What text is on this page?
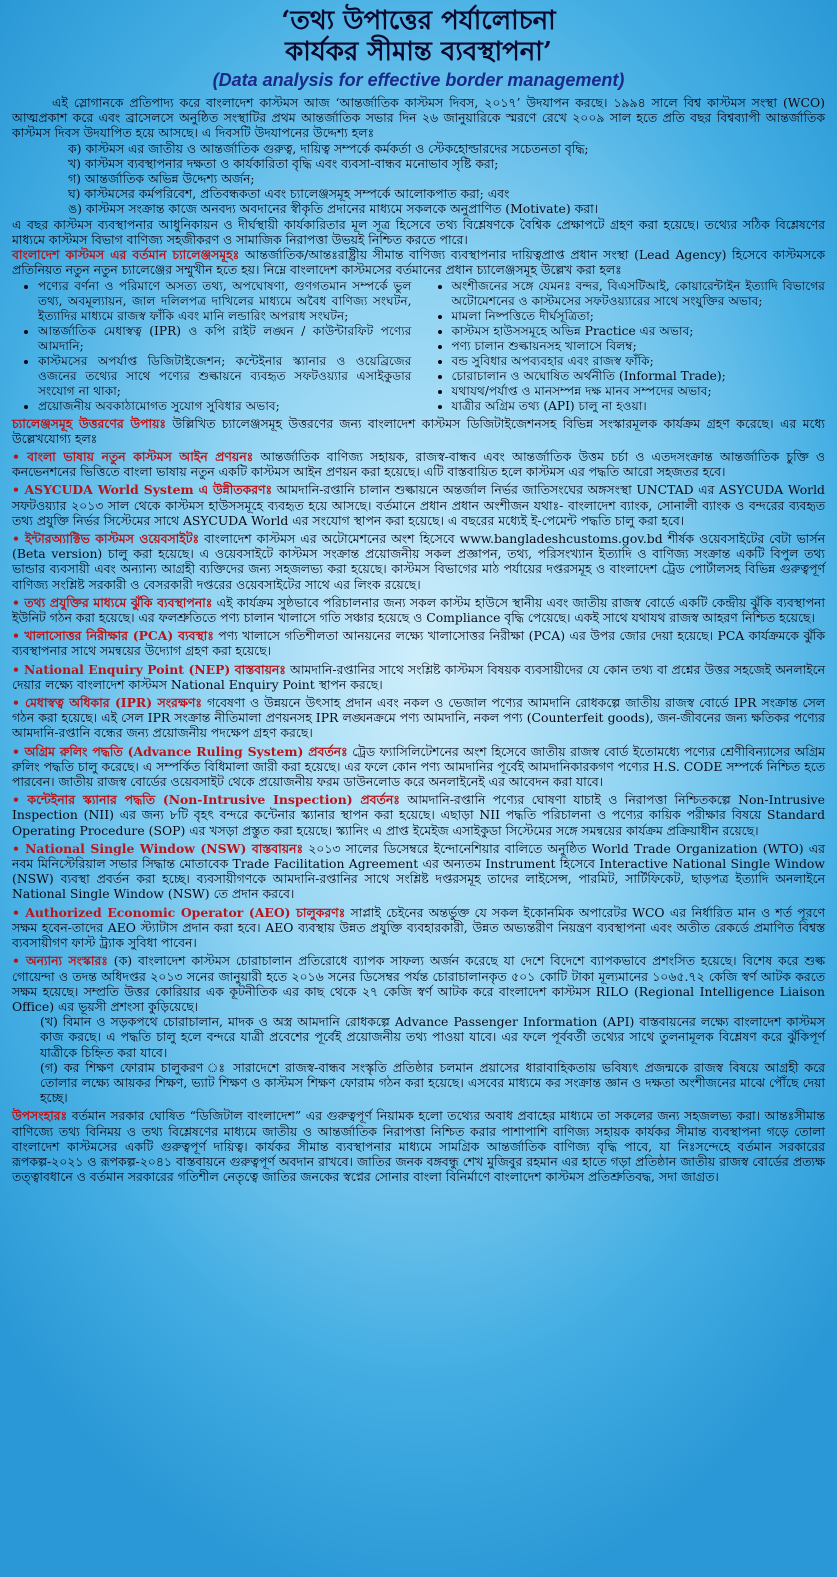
‘তথ্য উপাত্তের পর্যালোচনা
কার্যকর সীমান্ত ব্যবস্থাপনা’
(Data analysis for effective border management)

এই স্লোগানকে প্রতিপাদ্য করে বাংলাদেশ কাস্টমস আজ ‘আন্তর্জাতিক কাস্টমস দিবস, ২০১৭’ উদযাপন করছে। ১৯৯৪ সালে বিশ্ব কাস্টমস সংস্থা (WCO) আত্মপ্রকাশ করে এবং ব্রাসেলসে অনুষ্ঠিত সংস্থাটির প্রথম আন্তর্জাতিক সভার দিন ২৬ জানুয়ারিকে স্মরণে রেখে ২০০৯ সাল হতে প্রতি বছর বিশ্বব্যাপী আন্তর্জাতিক কাস্টমস দিবস উদযাপিত হয়ে আসছে। এ দিবসটি উদযাপনের উদ্দেশ্য হলঃ

ক) কাস্টমস এর জাতীয় ও আন্তর্জাতিক গুরুত্ব, দায়িত্ব সম্পর্কে কর্মকর্তা ও স্টেকহোল্ডারদের সচেতনতা বৃদ্ধি;
খ) কাস্টমস ব্যবস্থাপনার দক্ষতা ও কার্যকারিতা বৃদ্ধি এবং ব্যবসা-বান্ধব মনোভাব সৃষ্টি করা;
গ) আন্তর্জাতিক অভিন্ন উদ্দেশ্য অর্জন;
ঘ) কাস্টমসের কর্মপরিবেশ, প্রতিবন্ধকতা এবং চ্যালেঞ্জসমূহ সম্পর্কে আলোকপাত করা; এবং
ঙ) কাস্টমস সংক্রান্ত কাজে অনবদ্য অবদানের স্বীকৃতি প্রদানের মাধ্যমে সকলকে অনুপ্রাণিত (Motivate) করা।

এ বছর কাস্টমস ব্যবস্থাপনার আধুনিকায়ন ও দীর্ঘস্থায়ী কার্যকারিতার মূল সূত্র হিসেবে তথ্য বিশ্লেষণকে বৈশ্বিক প্রেক্ষাপটে গ্রহণ করা হয়েছে। তথ্যের সঠিক বিশ্লেষণের মাধ্যমে কাস্টমস বিভাগ বাণিজ্য সহজীকরণ ও সামাজিক নিরাপত্তা উভয়ই নিশ্চিত করতে পারে।

বাংলাদেশ কাস্টমস এর বর্তমান চ্যালেঞ্জসমূহঃ আন্তর্জাতিক/আন্তঃরাষ্ট্রীয় সীমান্ত বাণিজ্য ব্যবস্থাপনার দায়িত্বপ্রাপ্ত প্রধান সংস্থা (Lead Agency) হিসেবে কাস্টমসকে প্রতিনিয়ত নতুন নতুন চ্যালেঞ্জের সম্মুখীন হতে হয়। নিম্নে বাংলাদেশ কাস্টমসের বর্তমানের প্রধান চ্যালেঞ্জসমূহ উল্লেখ করা হলঃ

• পণ্যের বর্ণনা ও পরিমাণে অসত্য তথ্য, অপঘোষণা, গুণগতমান সম্পর্কে ভুল তথ্য, অবমূল্যায়ন, জাল দলিলপত্র দাখিলের মাধ্যমে অবৈধ বাণিজ্য সংঘটন, ইত্যাদির মাধ্যমে রাজস্ব ফাঁকি এবং মানি লন্ডারিং অপরাধ সংঘটন;
• আন্তর্জাতিক মেধাস্বত্ব (IPR) ও কপি রাইট লঙ্ঘন / কাউন্টারফিট পণ্যের আমদানি;
• কাস্টমসের অপর্যাপ্ত ডিজিটাইজেশন; কন্টেইনার স্ক্যানার ও ওয়েব্রিজের ওজনের তথ্যের সাথে পণ্যের শুল্কায়নে ব্যবহৃত সফটওয়্যার এসাইকুডার সংযোগ না থাকা;
• প্রয়োজনীয় অবকাঠামোগত সুযোগ সুবিধার অভাব;
• অংশীজনের সঙ্গে যেমনঃ বন্দর, বিএসটিআই, কোয়ারেন্টাইন ইত্যাদি বিভাগের অটোমেশনের ও কাস্টমসের সফটওয়্যারের সাথে সংযুক্তির অভাব;
• মামলা নিষ্পত্তিতে দীর্ঘসূত্রিতা;
• কাস্টমস হাউসসমূহে অভিন্ন Practice এর অভাব;
• পণ্য চালান শুল্কায়নসহ খালাসে বিলম্ব;
• বন্ড সুবিধার অপব্যবহার এবং রাজস্ব ফাঁকি;
• চোরাচালান ও অঘোষিত অর্থনীতি (Informal Trade);
• যথাযথ/পর্যাপ্ত ও মানসম্পন্ন দক্ষ মানব সম্পদের অভাব;
• যাত্রীর অগ্রিম তথ্য (API) চালু না হওয়া।

চ্যালেঞ্জসমূহ উত্তরণের উপায়ঃ উল্লিখিত চ্যালেঞ্জসমূহ উত্তরণের জন্য বাংলাদেশ কাস্টমস ডিজিটাইজেশনসহ বিভিন্ন সংস্কারমূলক কার্যক্রম গ্রহণ করেছে। এর মধ্যে উল্লেখযোগ্য হলঃ

• বাংলা ভাষায় নতুন কাস্টমস আইন প্রণয়নঃ আন্তর্জাতিক বাণিজ্য সহায়ক, রাজস্ব-বান্ধব এবং আন্তর্জাতিক উত্তম চর্চা ও এতদসংক্রান্ত আন্তর্জাতিক চুক্তি ও কনভেনশনের ভিত্তিতে বাংলা ভাষায় নতুন একটি কাস্টমস আইন প্রণয়ন করা হয়েছে। এটি বাস্তবায়িত হলে কাস্টমস এর পদ্ধতি আরো সহজতর হবে।

• ASYCUDA World System এ উন্নীতকরণঃ আমদানি-রপ্তানি চালান শুল্কায়নে অন্তর্জাল নির্ভর জাতিসংঘের অঙ্গসংস্থা UNCTAD এর ASYCUDA World সফটওয়্যার ২০১৩ সাল থেকে কাস্টমস হাউসসমূহে ব্যবহৃত হয়ে আসছে। বর্তমানে প্রধান প্রধান অংশীজন যথাঃ- বাংলাদেশ ব্যাংক, সোনালী ব্যাংক ও বন্দরের ব্যবহৃত তথ্য প্রযুক্তি নির্ভর সিস্টেমের সাথে ASYCUDA World এর সংযোগ স্থাপন করা হয়েছে। এ বছরের মধ্যেই ই-পেমেন্ট পদ্ধতি চালু করা হবে।

• ইন্টারঅ্যাক্টিভ কাস্টমস ওয়েবসাইটঃ বাংলাদেশ কাস্টমস এর অটোমেশনের অংশ হিসেবে www.bangladeshcustoms.gov.bd শীর্ষক ওয়েবসাইটের বেটা ভার্সন (Beta version) চালু করা হয়েছে। এ ওয়েবসাইটে কাস্টমস সংক্রান্ত প্রয়োজনীয় সকল প্রজ্ঞাপন, তথ্য, পরিসংখ্যান ইত্যাদি ও বাণিজ্য সংক্রান্ত একটি বিপুল তথ্য ভান্ডার ব্যবসায়ী এবং অন্যান্য আগ্রহী ব্যক্তিদের জন্য সহজলভ্য করা হয়েছে। কাস্টমস বিভাগের মাঠ পর্যায়ের দপ্তরসমূহ ও বাংলাদেশ ট্রেড পোর্টালসহ বিভিন্ন গুরুত্বপূর্ণ বাণিজ্য সংশ্লিষ্ট সরকারী ও বেসরকারী দপ্তরের ওয়েবসাইটের সাথে এর লিংক রয়েছে।

• তথ্য প্রযুক্তির মাধ্যমে ঝুঁকি ব্যবস্থাপনাঃ এই কার্যক্রম সুষ্ঠভাবে পরিচালনার জন্য সকল কাস্টম হাউসে স্থানীয় এবং জাতীয় রাজস্ব বোর্ডে একটি কেন্দ্রীয় ঝুঁকি ব্যবস্থাপনা ইউনিট গঠন করা হয়েছে। এর ফলশ্রুতিতে পণ্য চালান খালাসে গতি সঞ্চার হয়েছে ও Compliance বৃদ্ধি পেয়েছে। একই সাথে যথাযথ রাজস্ব আহরণ নিশ্চিত হয়েছে।

• খালাসোত্তর নিরীক্ষার (PCA) ব্যবস্থাঃ পণ্য খালাসে গতিশীলতা আনয়নের লক্ষ্যে খালাসোত্তর নিরীক্ষা (PCA) এর উপর জোর দেয়া হয়েছে। PCA কার্যক্রমকে ঝুঁকি ব্যবস্থাপনার সাথে সমন্বয়ের উদ্যোগ গ্রহণ করা হয়েছে।

• National Enquiry Point (NEP) বাস্তবায়নঃ আমদানি-রপ্তানির সাথে সংশ্লিষ্ট কাস্টমস বিষয়ক ব্যবসায়ীদের যে কোন তথ্য বা প্রশ্নের উত্তর সহজেই অনলাইনে দেয়ার লক্ষ্যে বাংলাদেশ কাস্টমস National Enquiry Point স্থাপন করছে।

• মেধাস্বত্ব অধিকার (IPR) সংরক্ষণঃ গবেষণা ও উন্নয়নে উৎসাহ প্রদান এবং নকল ও ভেজাল পণ্যের আমদানি রোধকল্পে জাতীয় রাজস্ব বোর্ডে IPR সংক্রান্ত সেল গঠন করা হয়েছে। এই সেল IPR সংক্রান্ত নীতিমালা প্রণয়নসহ IPR লঙ্ঘনক্রমে পণ্য আমদানি, নকল পণ্য (Counterfeit goods), জন-জীবনের জন্য ক্ষতিকর পণ্যের আমদানি-রপ্তানি বন্ধের জন্য প্রয়োজনীয় পদক্ষেপ গ্রহণ করছে।

• অগ্রিম রুলিং পদ্ধতি (Advance Ruling System) প্রবর্তনঃ ট্রেড ফ্যাসিলিটেশনের অংশ হিসেবে জাতীয় রাজস্ব বোর্ড ইতোমধ্যে পণ্যের শ্রেণীবিন্যাসের অগ্রিম রুলিং পদ্ধতি চালু করেছে। এ সম্পর্কিত বিধিমালা জারী করা হয়েছে। এর ফলে কোন পণ্য আমদানির পূর্বেই আমদানিকারকগণ পণ্যের H.S. CODE সম্পর্কে নিশ্চিত হতে পারবেন। জাতীয় রাজস্ব বোর্ডের ওয়েবসাইট থেকে প্রয়োজনীয় ফরম ডাউনলোড করে অনলাইনেই এর আবেদন করা যাবে।

• কন্টেইনার স্ক্যানার পদ্ধতি (Non-Intrusive Inspection) প্রবর্তনঃ আমদানি-রপ্তানি পণ্যের ঘোষণা যাচাই ও নিরাপত্তা নিশ্চিতকল্পে Non-Intrusive Inspection (NII) এর জন্য ৮টি বৃহৎ বন্দরে কন্টেনার স্ক্যানার স্থাপন করা হয়েছে। এছাড়া NII পদ্ধতি পরিচালনা ও পণ্যের কায়িক পরীক্ষার বিষয়ে Standard Operating Procedure (SOP) এর খসড়া প্রস্তুত করা হয়েছে। স্ক্যানিং এ প্রাপ্ত ইমেইজ এসাইকুডা সিস্টেমের সঙ্গে সমন্বয়ের কার্যক্রম প্রক্রিয়াধীন রয়েছে।

• National Single Window (NSW) বাস্তবায়নঃ ২০১৩ সালের ডিসেম্বরে ইন্দোনেশিয়ার বালিতে অনুষ্ঠিত World Trade Organization (WTO) এর নবম মিনিস্টেরিয়াল সভার সিদ্ধান্ত মোতাবেক Trade Facilitation Agreement এর অন্যতম Instrument হিসেবে Interactive National Single Window (NSW) ব্যবস্থা প্রবর্তন করা হচ্ছে। ব্যবসায়ীগণকে আমদানি-রপ্তানির সাথে সংশ্লিষ্ট দপ্তরসমূহ তাদের লাইসেন্স, পারমিট, সার্টিফিকেট, ছাড়পত্র ইত্যাদি অনলাইনে National Single Window (NSW) তে প্রদান করবে।

• Authorized Economic Operator (AEO) চালুকরণঃ সাপ্লাই চেইনের অন্তর্ভুক্ত যে সকল ইকোনমিক অপারেটর WCO এর নির্ধারিত মান ও শর্ত পূরণে সক্ষম হবেন-তাদের AEO স্ট্যাটাস প্রদান করা হবে। AEO ব্যবস্থায় উন্নত প্রযুক্তি ব্যবহারকারী, উন্নত অভ্যন্তরীণ নিয়ন্ত্রণ ব্যবস্থাপনা এবং অতীত রেকর্ডে প্রমাণিত বিশ্বস্ত ব্যবসায়ীগণ ফাস্ট ট্র্যাক সুবিধা পাবেন।

• অন্যান্য সংস্কারঃ (ক) বাংলাদেশ কাস্টমস চোরাচালান প্রতিরোধে ব্যাপক সাফল্য অর্জন করেছে যা দেশে বিদেশে ব্যাপকভাবে প্রশংসিত হয়েছে। বিশেষ করে শুল্ক গোয়েন্দা ও তদন্ত অধিদপ্তর ২০১৩ সনের জানুয়ারী হতে ২০১৬ সনের ডিসেম্বর পর্যন্ত চোরাচালানকৃত ৫০১ কোটি টাকা মূল্যমানের ১০৬৫.৭২ কেজি স্বর্ণ আটক করতে সক্ষম হয়েছে। সম্প্রতি উত্তর কোরিয়ার এক কূটনীতিক এর কাছ থেকে ২৭ কেজি স্বর্ণ আটক করে বাংলাদেশ কাস্টমস RILO (Regional Intelligence Liaison Office) এর ভূয়সী প্রশংসা কুড়িয়েছে।

(খ) বিমান ও সড়কপথে চোরাচালান, মাদক ও অস্ত্র আমদানি রোধকল্পে Advance Passenger Information (API) বাস্তবায়নের লক্ষ্যে বাংলাদেশ কাস্টমস কাজ করছে। এ পদ্ধতি চালু হলে বন্দরে যাত্রী প্রবেশের পূর্বেই প্রয়োজনীয় তথ্য পাওয়া যাবে। এর ফলে পূর্ববর্তী তথ্যের সাথে তুলনামূলক বিশ্লেষণ করে ঝুঁকিপূর্ণ যাত্রীকে চিহ্নিত করা যাবে।

(গ) কর শিক্ষণ ফোরাম চালুকরণ ঃ সারাদেশে রাজস্ব-বান্ধব সংস্কৃতি প্রতিষ্ঠার চলমান প্রয়াসের ধারাবাহিকতায় ভবিষ্যৎ প্রজন্মকে রাজস্ব বিষয়ে আগ্রহী করে তোলার লক্ষ্যে আয়কর শিক্ষণ, ভ্যাট শিক্ষণ ও কাস্টমস শিক্ষণ ফোরাম গঠন করা হয়েছে। এসবের মাধ্যমে কর সংক্রান্ত জ্ঞান ও দক্ষতা অংশীজনের মাঝে পৌঁছে দেয়া হচ্ছে।

উপসংহারঃ বর্তমান সরকার ঘোষিত “ডিজিটাল বাংলাদেশ” এর গুরুত্বপূর্ণ নিয়ামক হলো তথ্যের অবাধ প্রবাহের মাধ্যমে তা সকলের জন্য সহজলভ্য করা। আন্তঃসীমান্ত বাণিজ্যে তথ্য বিনিময় ও তথ্য বিশ্লেষণের মাধ্যমে জাতীয় ও আন্তর্জাতিক নিরাপত্তা নিশ্চিত করার পাশাপাশি বাণিজ্য সহায়ক কার্যকর সীমান্ত ব্যবস্থাপনা গড়ে তোলা বাংলাদেশ কাস্টমসের একটি গুরুত্বপূর্ণ দায়িত্ব। কার্যকর সীমান্ত ব্যবস্থাপনার মাধ্যমে সামগ্রিক আন্তর্জাতিক বাণিজ্য বৃদ্ধি পাবে, যা নিঃসন্দেহে বর্তমান সরকারের রূপকল্প-২০২১ ও রূপকল্প-২০৪১ বাস্তবায়নে গুরুত্বপূর্ণ অবদান রাখবে। জাতির জনক বঙ্গবন্ধু শেখ মুজিবুর রহমান এর হাতে গড়া প্রতিষ্ঠান জাতীয় রাজস্ব বোর্ডের প্রত্যক্ষ তত্ত্বাবধানে ও বর্তমান সরকারের গতিশীল নেতৃত্বে জাতির জনকের স্বপ্নের সোনার বাংলা বিনির্মাণে বাংলাদেশ কাস্টমস প্রতিশ্রুতিবদ্ধ, সদা জাগ্রত।
